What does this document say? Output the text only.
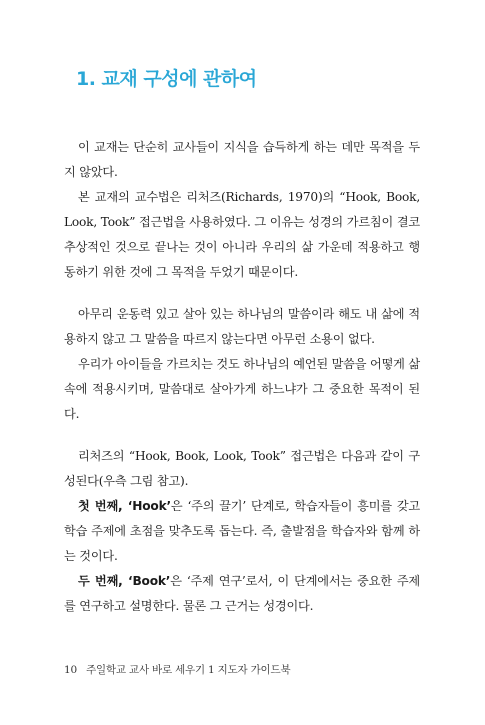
1. 교재 구성에 관하여

이 교재는 단순히 교사들이 지식을 습득하게 하는 데만 목적을 두지 않았다.

본 교재의 교수법은 리처즈(Richards, 1970)의 “Hook, Book, Look, Took” 접근법을 사용하였다. 그 이유는 성경의 가르침이 결코 추상적인 것으로 끝나는 것이 아니라 우리의 삶 가운데 적용하고 행동하기 위한 것에 그 목적을 두었기 때문이다.

아무리 운동력 있고 살아 있는 하나님의 말씀이라 해도 내 삶에 적용하지 않고 그 말씀을 따르지 않는다면 아무런 소용이 없다.

우리가 아이들을 가르치는 것도 하나님의 예언된 말씀을 어떻게 삶 속에 적용시키며, 말씀대로 살아가게 하느냐가 그 중요한 목적이 된다.

리처즈의 “Hook, Book, Look, Took” 접근법은 다음과 같이 구성된다(우측 그림 참고).

첫 번째, ‘Hook’은 ‘주의 끌기’ 단계로, 학습자들이 흥미를 갖고 학습 주제에 초점을 맞추도록 돕는다. 즉, 출발점을 학습자와 함께 하는 것이다.

두 번째, ‘Book’은 ‘주제 연구’로서, 이 단계에서는 중요한 주제를 연구하고 설명한다. 물론 그 근거는 성경이다.

10 주일학교 교사 바로 세우기 1 지도자 가이드북
